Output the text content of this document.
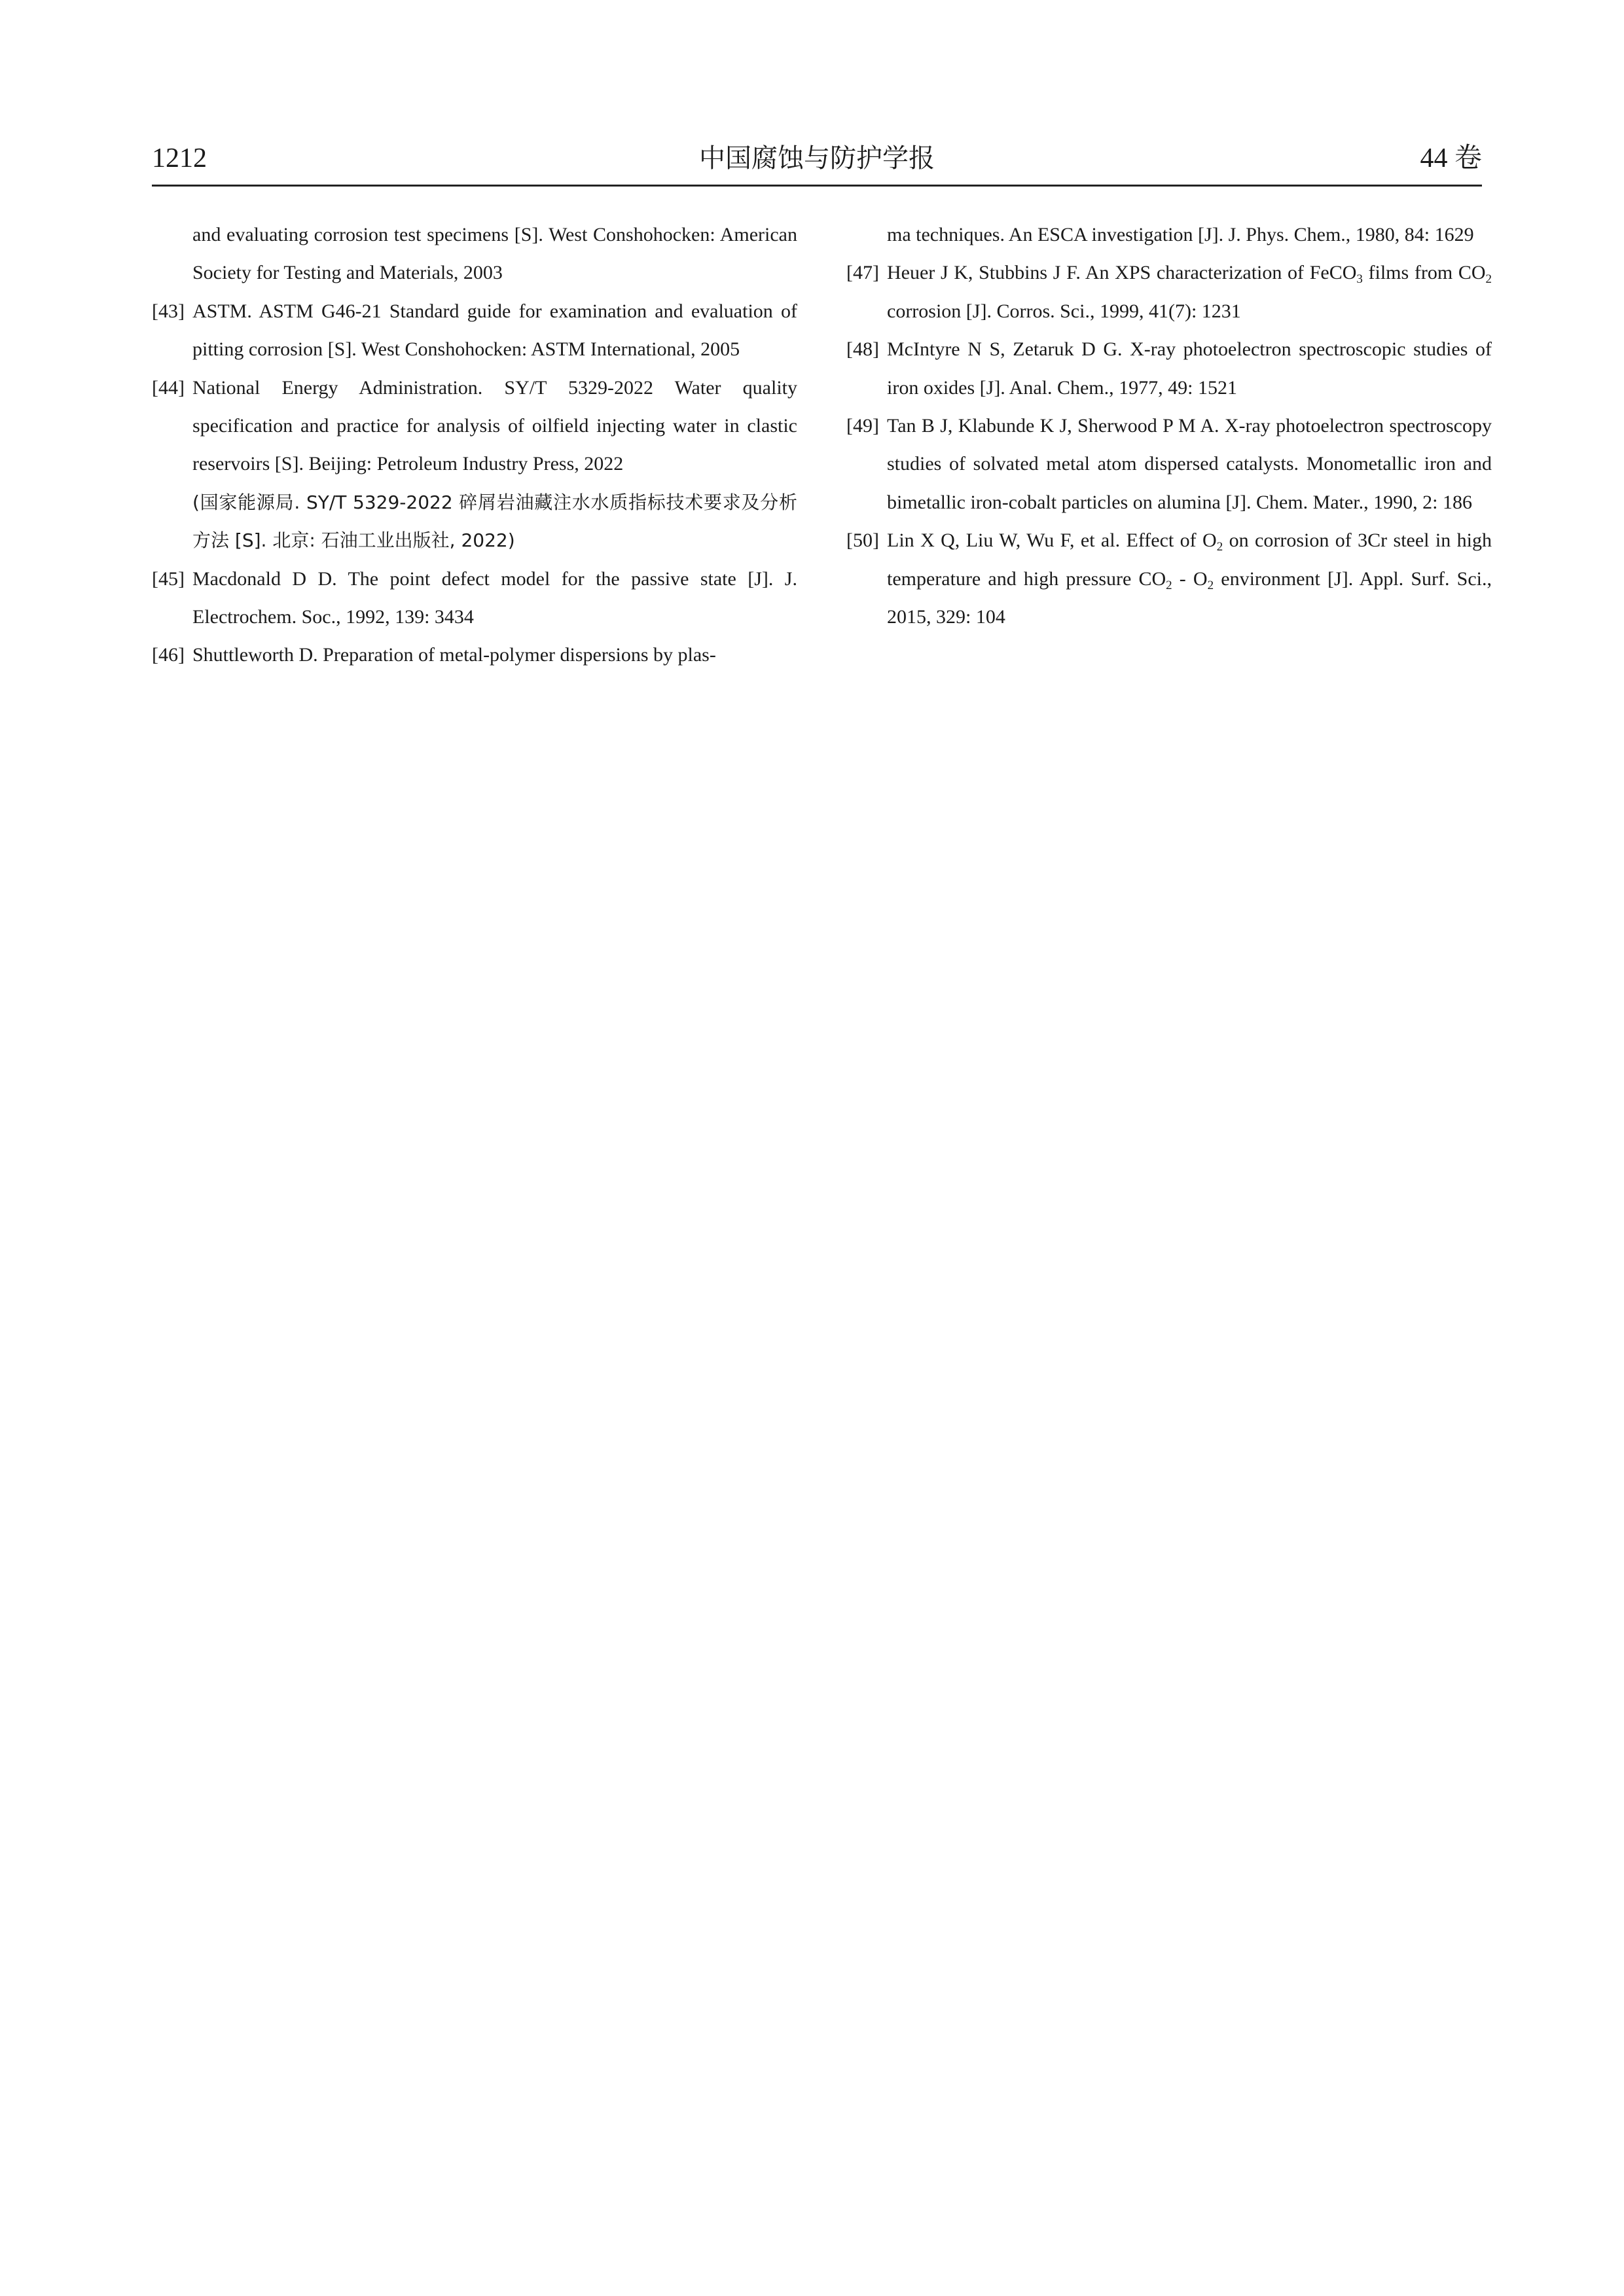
1212	中国腐蚀与防护学报	44 卷
and evaluating corrosion test specimens [S]. West Conshohocken: American Society for Testing and Materials, 2003
[43] ASTM. ASTM G46-21 Standard guide for examination and evaluation of pitting corrosion [S]. West Conshohocken: ASTM International, 2005
[44] National Energy Administration. SY/T 5329-2022 Water quality specification and practice for analysis of oilfield injecting water in clastic reservoirs [S]. Beijing: Petroleum Industry Press, 2022
(国家能源局. SY/T 5329-2022 碎屑岩油藏注水水质指标技术要求及分析方法 [S]. 北京: 石油工业出版社, 2022)
[45] Macdonald D D. The point defect model for the passive state [J]. J. Electrochem. Soc., 1992, 139: 3434
[46] Shuttleworth D. Preparation of metal-polymer dispersions by plas-
ma techniques. An ESCA investigation [J]. J. Phys. Chem., 1980, 84: 1629
[47] Heuer J K, Stubbins J F. An XPS characterization of FeCO$_3$ films from $CO_2$ corrosion [J]. Corros. Sci., 1999, 41(7): 1231
[48] McIntyre N S, Zetaruk D G. X-ray photoelectron spectroscopic studies of iron oxides [J]. Anal. Chem., 1977, 49: 1521
[49] Tan B J, Klabunde K J, Sherwood P M A. X-ray photoelectron spectroscopy studies of solvated metal atom dispersed catalysts. Monometallic iron and bimetallic iron-cobalt particles on alumina [J]. Chem. Mater., 1990, 2: 186
[50] Lin X Q, Liu W, Wu F, et al. Effect of $O_2$ on corrosion of 3Cr steel in high temperature and high pressure $CO_2 - O_2$ environment [J]. Appl. Surf. Sci., 2015, 329: 104
